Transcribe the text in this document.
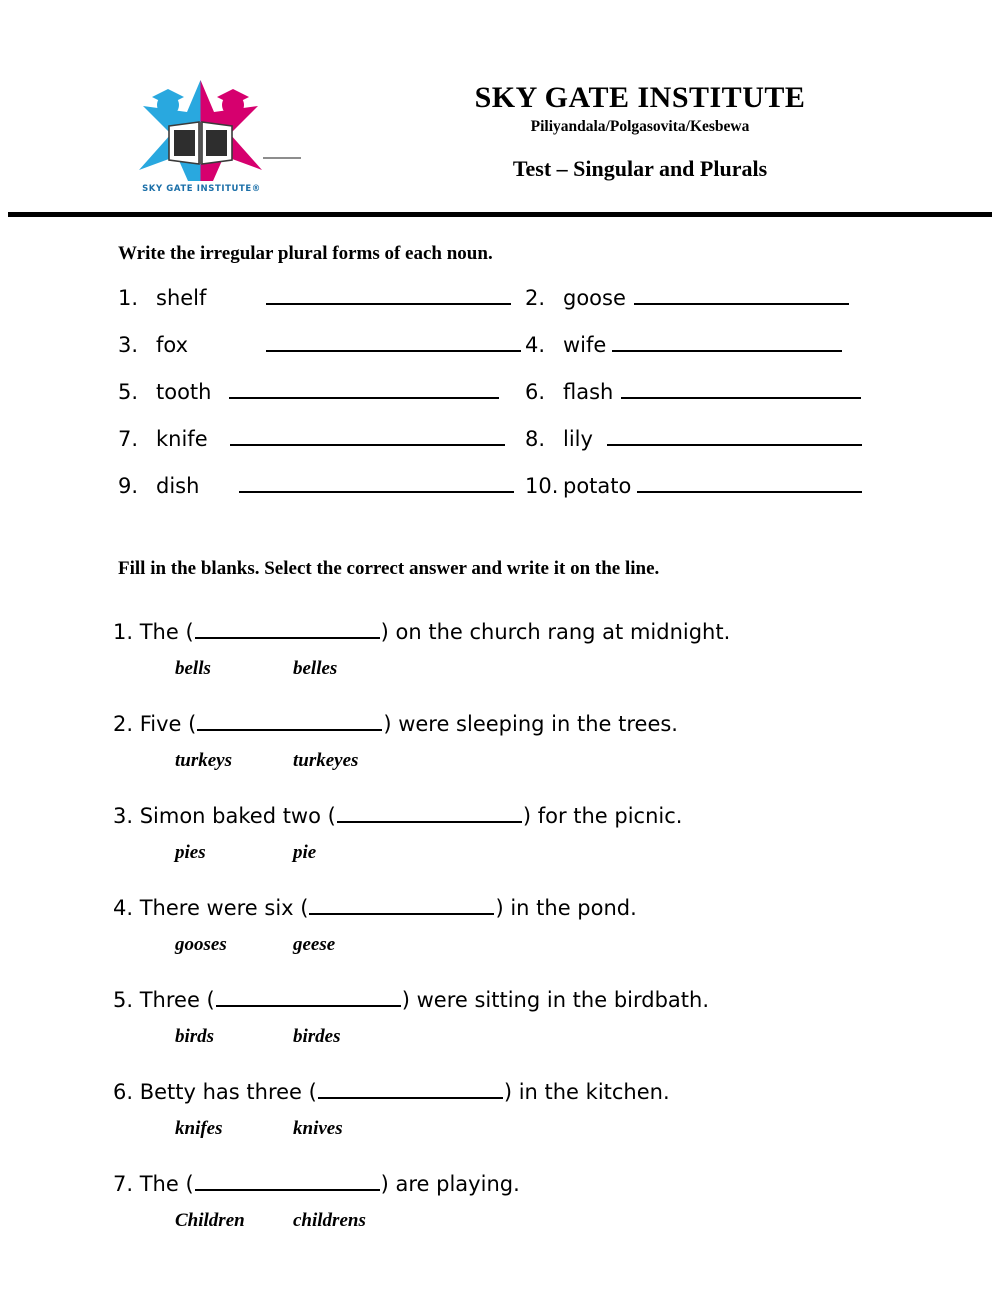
SKY GATE INSTITUTE®
SKY GATE INSTITUTE

Piliyandala/Polgasovita/Kesbewa

Test – Singular and Plurals

Write the irregular plural forms of each noun.

1. shelf	2. goose
3. fox	4. wife
5. tooth	6. flash
7. knife	8. lily
9. dish	10. potato

Fill in the blanks. Select the correct answer and write it on the line.

1. The (	) on the church rang at midnight.
bells	belles
2. Five (	) were sleeping in the trees.
turkeys	turkeyes
3. Simon baked two (	) for the picnic.
pies	pie
4. There were six (	) in the pond.
gooses	geese
5. Three (	) were sitting in the birdbath.
birds	birdes
6. Betty has three (	) in the kitchen.
knifes	knives
7. The (	) are playing.
Children	childrens
